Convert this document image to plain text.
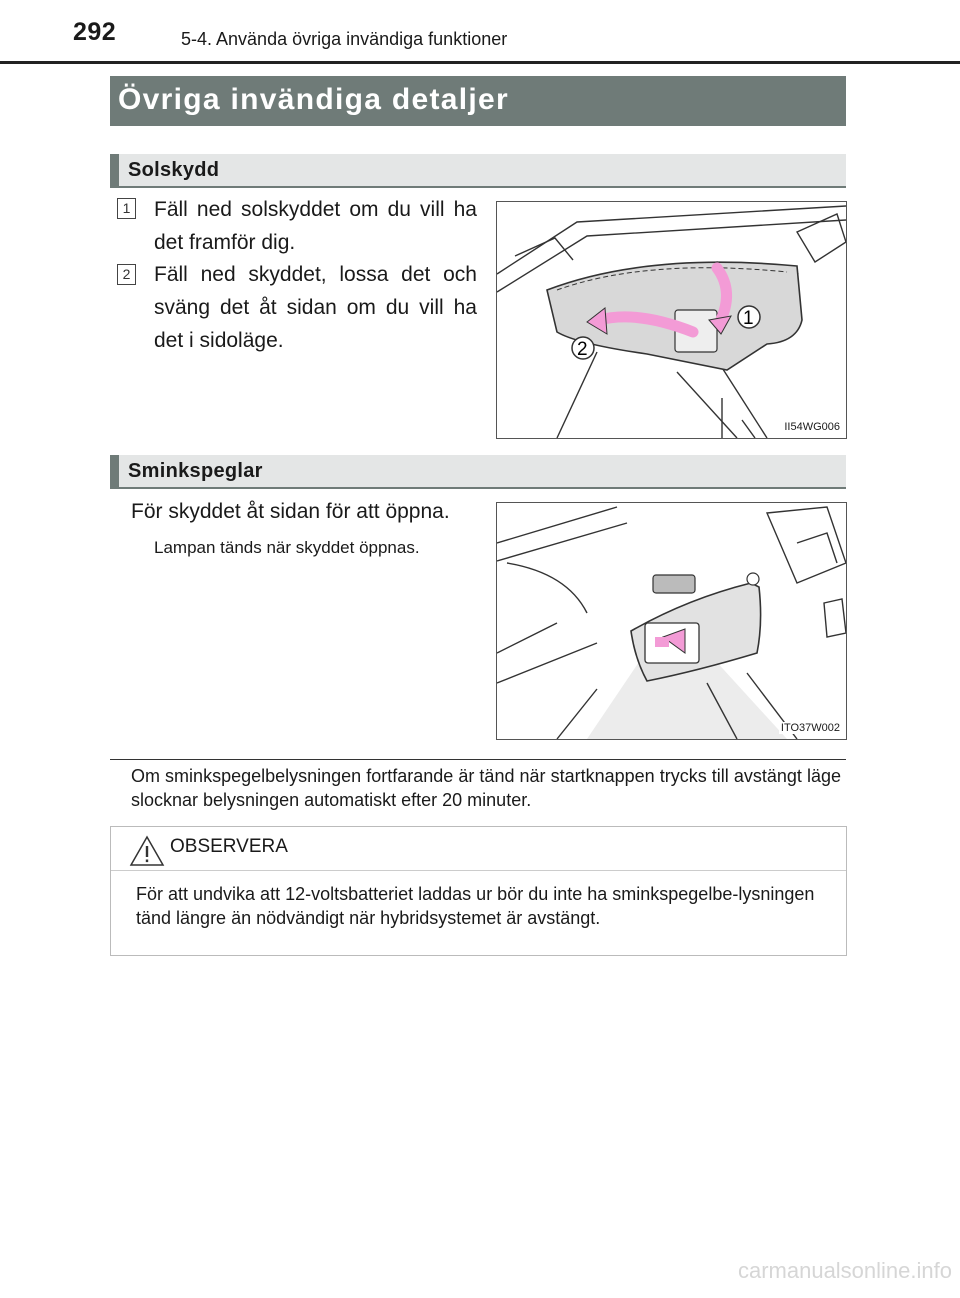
292	5-4. Använda övriga invändiga funktioner
Övriga invändiga detaljer
Solskydd
1 Fäll ned solskyddet om du vill ha det framför dig.
2 Fäll ned skyddet, lossa det och sväng det åt sidan om du vill ha det i sidoläge.
1
2
II54WG006
Sminkspeglar
För skyddet åt sidan för att öppna.
Lampan tänds när skyddet öppnas.
ITO37W002
Om sminkspegelbelysningen fortfarande är tänd när startknappen trycks till avstängt läge slocknar belysningen automatiskt efter 20 minuter.
OBSERVERA
För att undvika att 12-voltsbatteriet laddas ur bör du inte ha sminkspegelbe-lysningen tänd längre än nödvändigt när hybridsystemet är avstängt.
carmanualsonline.info
